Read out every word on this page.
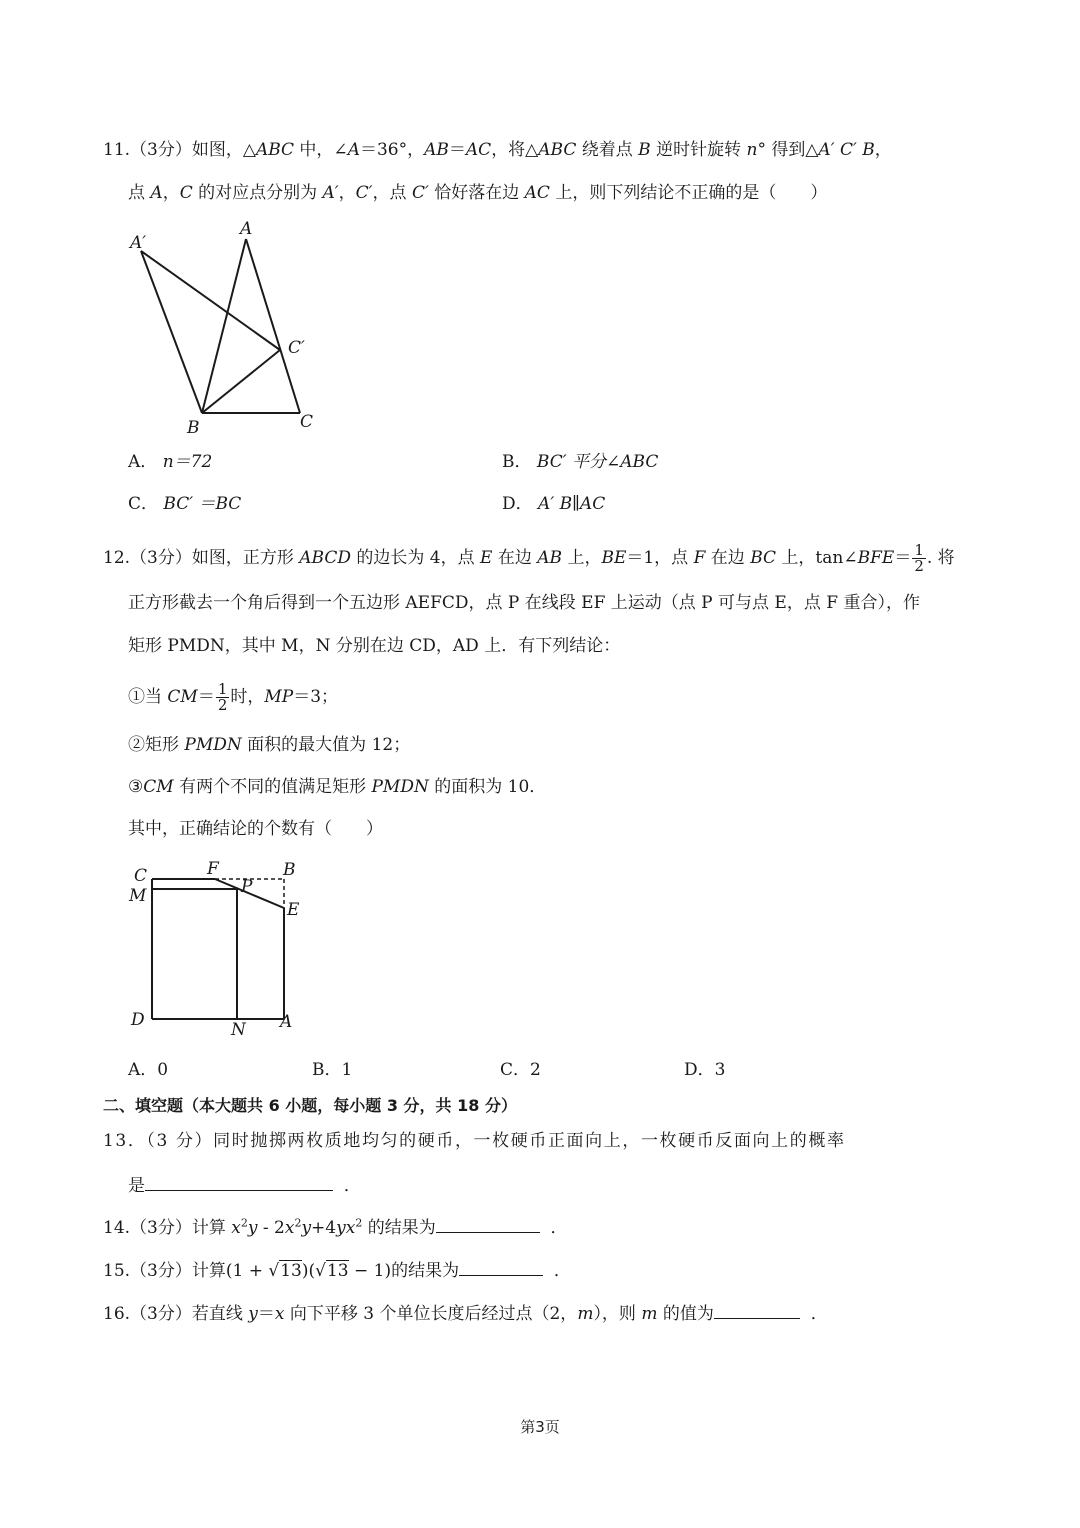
11.（3分）如图，△ABC 中，∠A＝36°，AB＝AC，将△ABC 绕着点 B 逆时针旋转 n° 得到△A′ C′ B，
点 A，C 的对应点分别为 A′，C′，点 C′ 恰好落在边 AC 上，则下列结论不正确的是（　　）
A′
A
C′
B	C
A． n＝72	B． BC′ 平分∠ABC
C． BC′ ＝BC	D． A′ B∥AC
12.（3分）如图，正方形 ABCD 的边长为 4，点 E 在边 AB 上，BE＝1，点 F 在边 BC 上，tan∠BFE＝ $\frac{1}{2}$ . 将
正方形截去一个角后得到一个五边形 AEFCD，点 P 在线段 EF 上运动（点 P 可与点 E，点 F 重合），作
矩形 PMDN，其中 M，N 分别在边 CD，AD 上．有下列结论：
①当 $CM= \frac{1}{2}$ 时，MP＝3；
②矩形 PMDN 面积的最大值为 12；
③CM 有两个不同的值满足矩形 PMDN 的面积为 10．
其中，正确结论的个数有（　　）
C	F
P
B
M
E
D	N A
A．0	B．1	C．2	D．3
二、填空题（本大题共 6 小题，每小题 3 分，共 18 分）
13．（3 分）同时抛掷两枚质地均匀的硬币，一枚硬币正面向上，一枚硬币反面向上的概率
是	．
14.（3分）计算 $x^2y - 2x^2y+4yx^2$ 的结果为	．
15.（3分）计算(1 + √13)(√13 − 1)的结果为	．
16.（3分）若直线 y＝x 向下平移 3 个单位长度后经过点（2，m），则 m 的值为	．
第3页
